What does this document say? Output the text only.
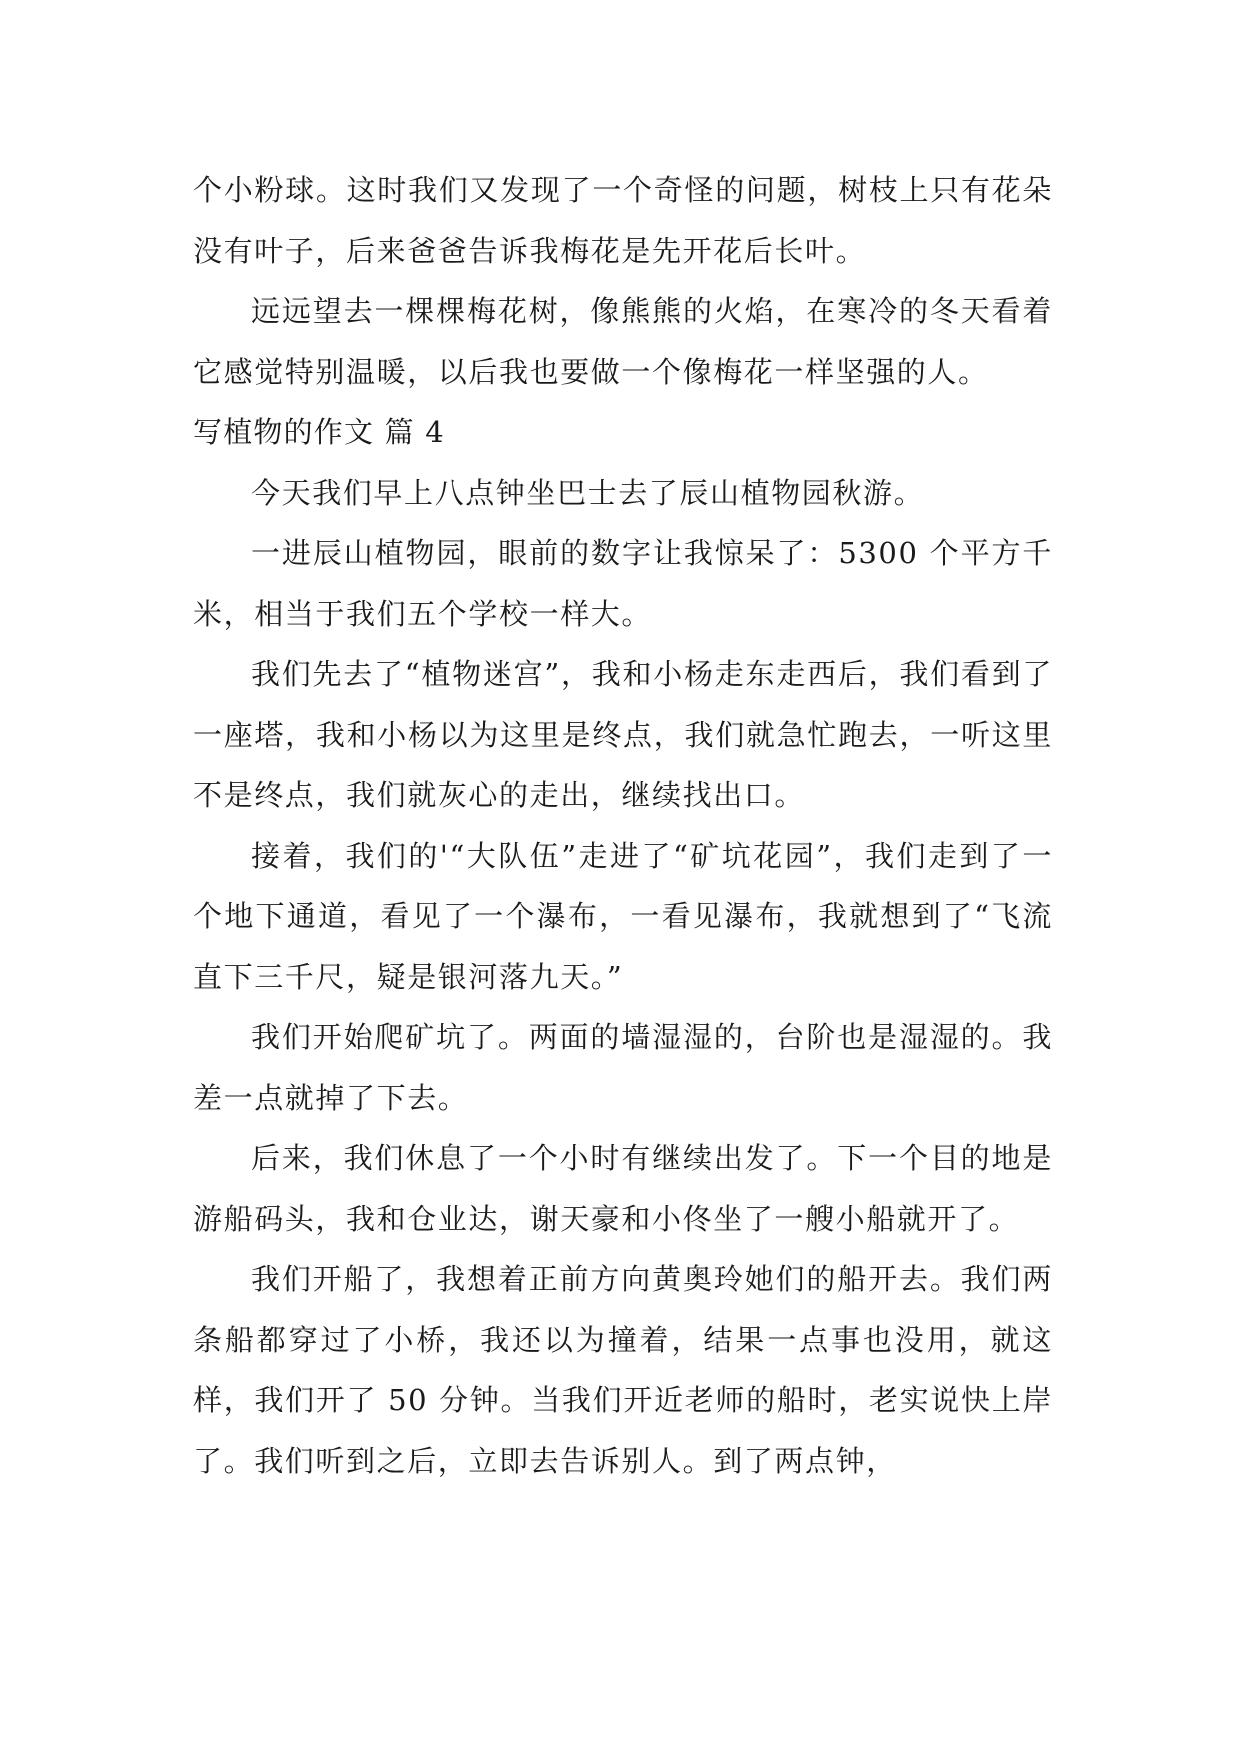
个小粉球。这时我们又发现了一个奇怪的问题，树枝上只有花朵没有叶子，后来爸爸告诉我梅花是先开花后长叶。

远远望去一棵棵梅花树，像熊熊的火焰，在寒冷的冬天看着它感觉特别温暖，以后我也要做一个像梅花一样坚强的人。

写植物的作文 篇 4

今天我们早上八点钟坐巴士去了辰山植物园秋游。

一进辰山植物园，眼前的数字让我惊呆了：5300 个平方千米，相当于我们五个学校一样大。

我们先去了“植物迷宫”，我和小杨走东走西后，我们看到了一座塔，我和小杨以为这里是终点，我们就急忙跑去，一听这里不是终点，我们就灰心的走出，继续找出口。

接着，我们的'“大队伍”走进了“矿坑花园”，我们走到了一个地下通道，看见了一个瀑布，一看见瀑布，我就想到了“飞流直下三千尺，疑是银河落九天。”

我们开始爬矿坑了。两面的墙湿湿的，台阶也是湿湿的。我差一点就掉了下去。

后来，我们休息了一个小时有继续出发了。下一个目的地是游船码头，我和仓业达，谢天豪和小佟坐了一艘小船就开了。

我们开船了，我想着正前方向黄奥玲她们的船开去。我们两条船都穿过了小桥，我还以为撞着，结果一点事也没用，就这样，我们开了 50 分钟。当我们开近老师的船时，老实说快上岸了。我们听到之后，立即去告诉别人。到了两点钟，
